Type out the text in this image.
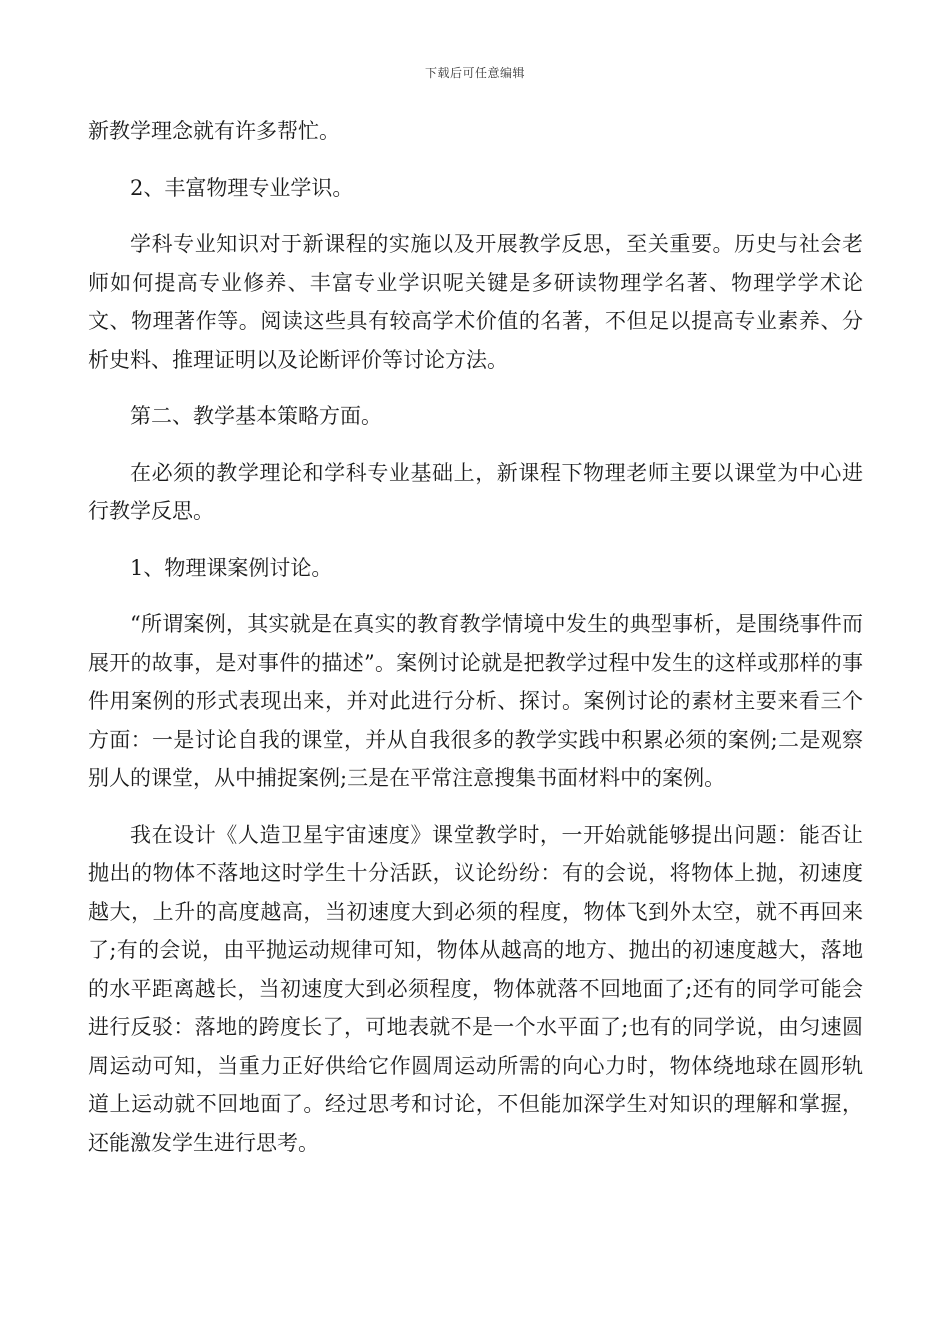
下载后可任意编辑

新教学理念就有许多帮忙。

2、丰富物理专业学识。

学科专业知识对于新课程的实施以及开展教学反思，至关重要。历史与社会老师如何提高专业修养、丰富专业学识呢关键是多研读物理学名著、物理学学术论文、物理著作等。阅读这些具有较高学术价值的名著，不但足以提高专业素养、分析史料、推理证明以及论断评价等讨论方法。

第二、教学基本策略方面。

在必须的教学理论和学科专业基础上，新课程下物理老师主要以课堂为中心进行教学反思。

1、物理课案例讨论。

“所谓案例，其实就是在真实的教育教学情境中发生的典型事析，是围绕事件而展开的故事，是对事件的描述”。案例讨论就是把教学过程中发生的这样或那样的事件用案例的形式表现出来，并对此进行分析、探讨。案例讨论的素材主要来看三个方面：一是讨论自我的课堂，并从自我很多的教学实践中积累必须的案例;二是观察别人的课堂，从中捕捉案例;三是在平常注意搜集书面材料中的案例。

我在设计《人造卫星宇宙速度》课堂教学时，一开始就能够提出问题：能否让抛出的物体不落地这时学生十分活跃，议论纷纷：有的会说，将物体上抛，初速度越大，上升的高度越高，当初速度大到必须的程度，物体飞到外太空，就不再回来了;有的会说，由平抛运动规律可知，物体从越高的地方、抛出的初速度越大，落地的水平距离越长，当初速度大到必须程度，物体就落不回地面了;还有的同学可能会进行反驳：落地的跨度长了，可地表就不是一个水平面了;也有的同学说，由匀速圆周运动可知，当重力正好供给它作圆周运动所需的向心力时，物体绕地球在圆形轨道上运动就不回地面了。经过思考和讨论，不但能加深学生对知识的理解和掌握，还能激发学生进行思考。
